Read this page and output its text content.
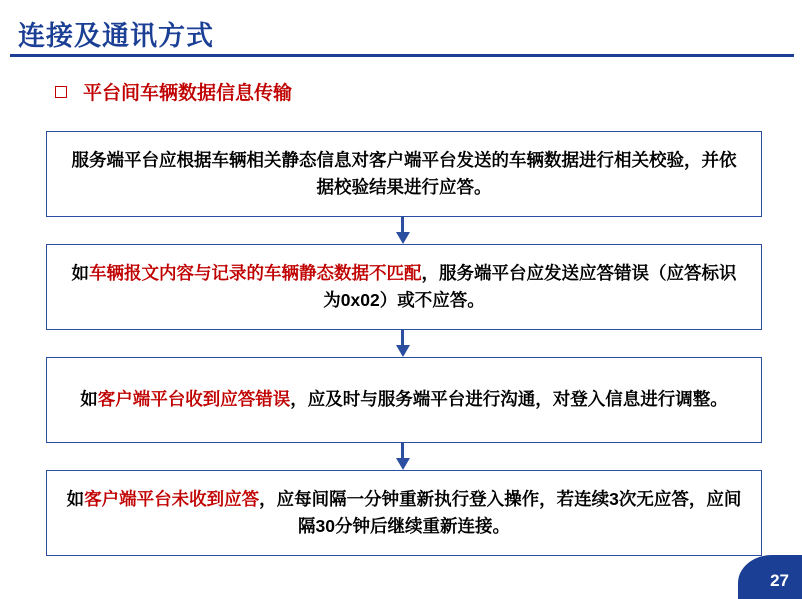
连接及通讯方式
平台间车辆数据信息传输
服务端平台应根据车辆相关静态信息对客户端平台发送的车辆数据进行相关校验，并依据校验结果进行应答。
如车辆报文内容与记录的车辆静态数据不匹配，服务端平台应发送应答错误（应答标识为0x02）或不应答。
如客户端平台收到应答错误，应及时与服务端平台进行沟通，对登入信息进行调整。
如客户端平台未收到应答，应每间隔一分钟重新执行登入操作，若连续3次无应答，应间隔30分钟后继续重新连接。
27
